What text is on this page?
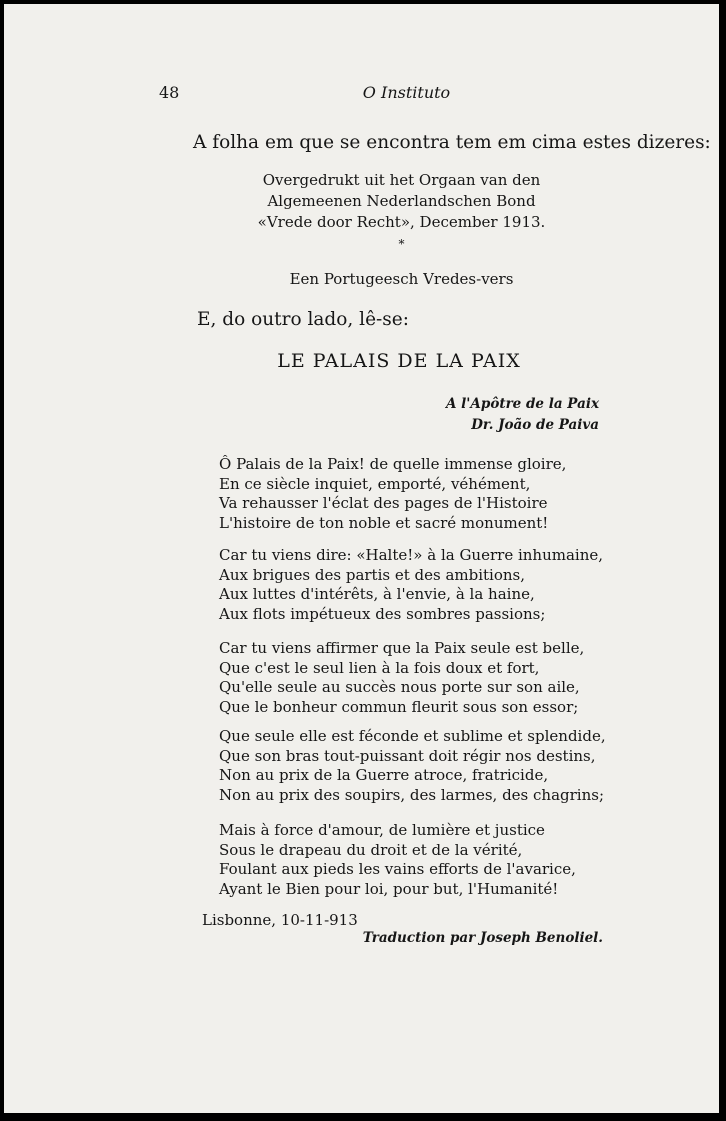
48	O Instituto
A folha em que se encontra tem em cima estes dizeres:
Overgedrukt uit het Orgaan van den
Algemeenen Nederlandschen Bond
«Vrede door Recht», December 1913.
*
Een Portugeesch Vredes-vers
E, do outro lado, lê-se:
LE PALAIS DE LA PAIX
A l'Apôtre de la Paix
Dr. João de Paiva
Ô Palais de la Paix! de quelle immense gloire,
En ce siècle inquiet, emporté, véhément,
Va rehausser l'éclat des pages de l'Histoire
L'histoire de ton noble et sacré monument!
Car tu viens dire: «Halte!» à la Guerre inhumaine,
Aux brigues des partis et des ambitions,
Aux luttes d'intérêts, à l'envie, à la haine,
Aux flots impétueux des sombres passions;
Car tu viens affirmer que la Paix seule est belle,
Que c'est le seul lien à la fois doux et fort,
Qu'elle seule au succès nous porte sur son aile,
Que le bonheur commun fleurit sous son essor;
Que seule elle est féconde et sublime et splendide,
Que son bras tout-puissant doit régir nos destins,
Non au prix de la Guerre atroce, fratricide,
Non au prix des soupirs, des larmes, des chagrins;
Mais à force d'amour, de lumière et justice
Sous le drapeau du droit et de la vérité,
Foulant aux pieds les vains efforts de l'avarice,
Ayant le Bien pour loi, pour but, l'Humanité!
Lisbonne, 10-11-913
Traduction par Joseph Benoliel.
